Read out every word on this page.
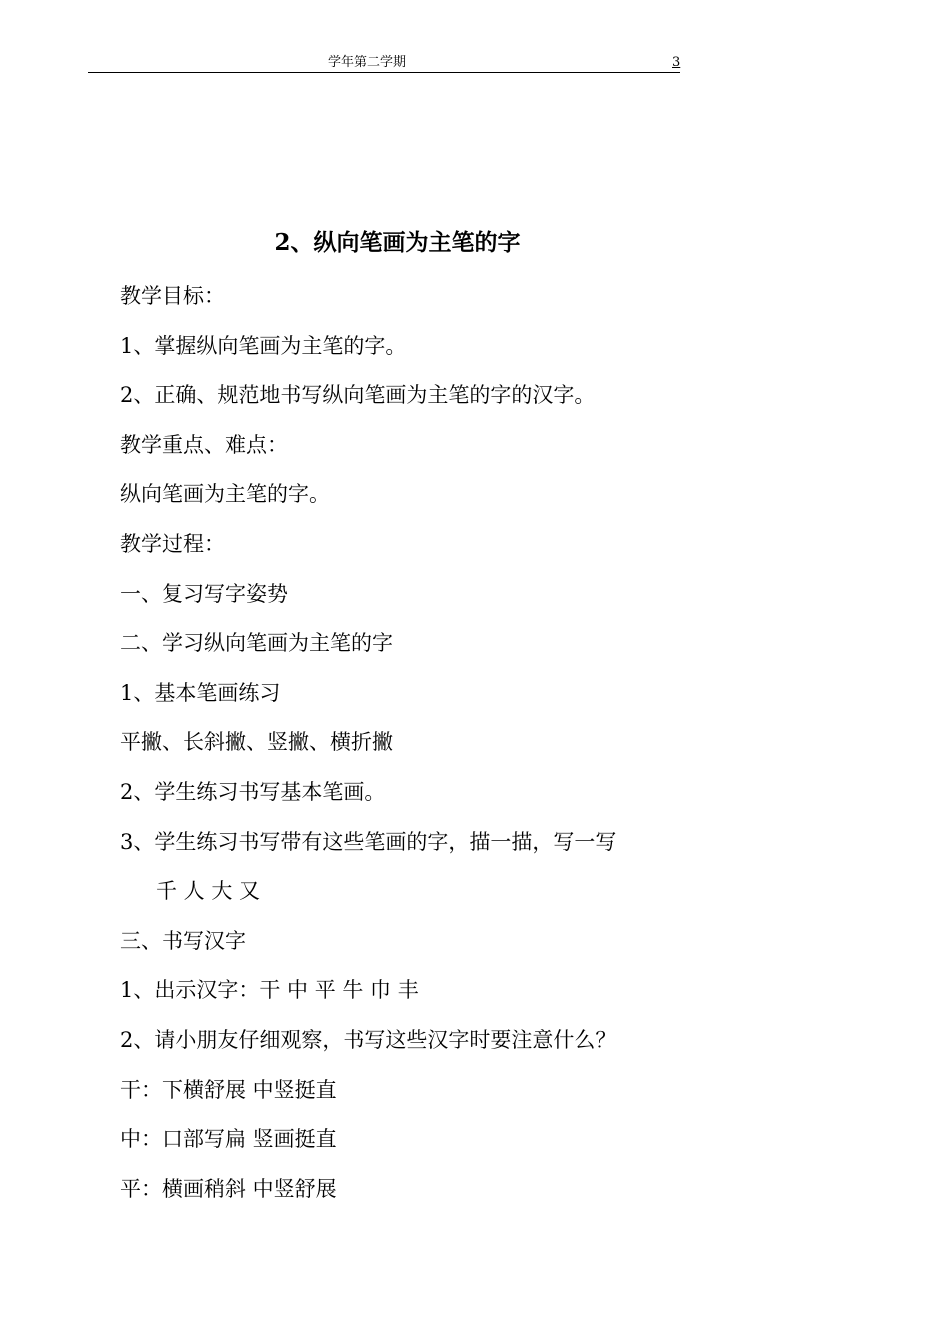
学年第二学期	3
2、纵向笔画为主笔的字
教学目标：
1、掌握纵向笔画为主笔的字。
2、正确、规范地书写纵向笔画为主笔的字的汉字。
教学重点、难点：
纵向笔画为主笔的字。
教学过程：
一、复习写字姿势
二、学习纵向笔画为主笔的字
1、基本笔画练习
平撇、长斜撇、竖撇、横折撇
2、学生练习书写基本笔画。
3、学生练习书写带有这些笔画的字，描一描，写一写
千 人 大 又
三、书写汉字
1、出示汉字：干 中 平 牛 巾 丰
2、请小朋友仔细观察，书写这些汉字时要注意什么？
干：下横舒展 中竖挺直
中：口部写扁 竖画挺直
平：横画稍斜 中竖舒展
